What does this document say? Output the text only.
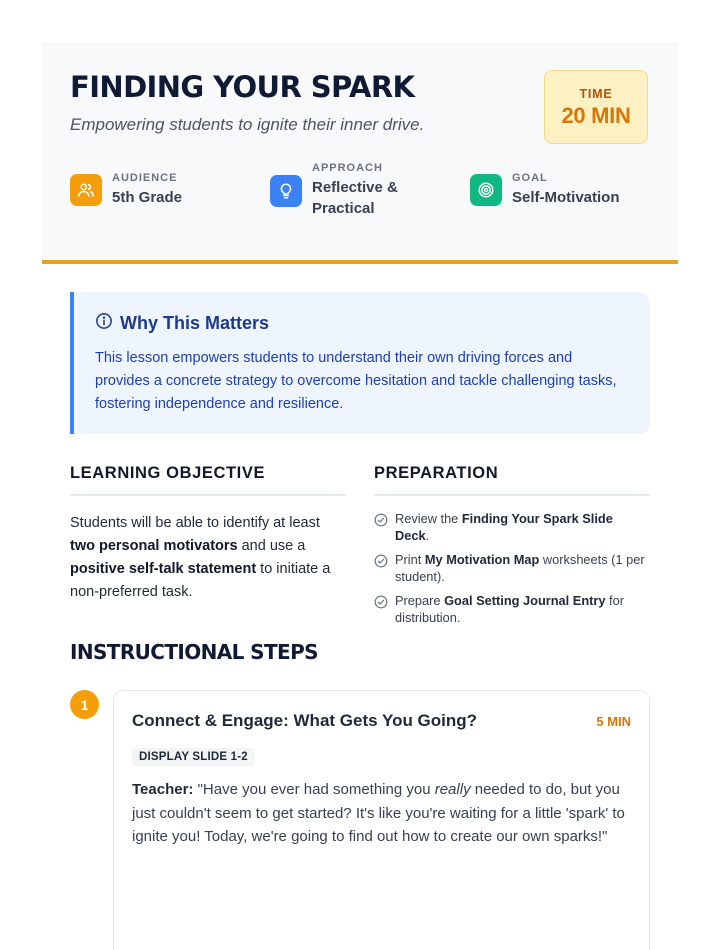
FINDING YOUR SPARK
Empowering students to ignite their inner drive.
TIME
20 MIN
AUDIENCE
5th Grade
APPROACH
Reflective & Practical
GOAL
Self-Motivation
Why This Matters
This lesson empowers students to understand their own driving forces and provides a concrete strategy to overcome hesitation and tackle challenging tasks, fostering independence and resilience.
LEARNING OBJECTIVE
Students will be able to identify at least two personal motivators and use a positive self-talk statement to initiate a non-preferred task.
PREPARATION
Review the Finding Your Spark Slide Deck.
Print My Motivation Map worksheets (1 per student).
Prepare Goal Setting Journal Entry for distribution.
INSTRUCTIONAL STEPS
1
Connect & Engage: What Gets You Going?	5 MIN
DISPLAY SLIDE 1-2
Teacher: "Have you ever had something you really needed to do, but you just couldn't seem to get started? It's like you're waiting for a little 'spark' to ignite you! Today, we're going to find out how to create our own sparks!"
